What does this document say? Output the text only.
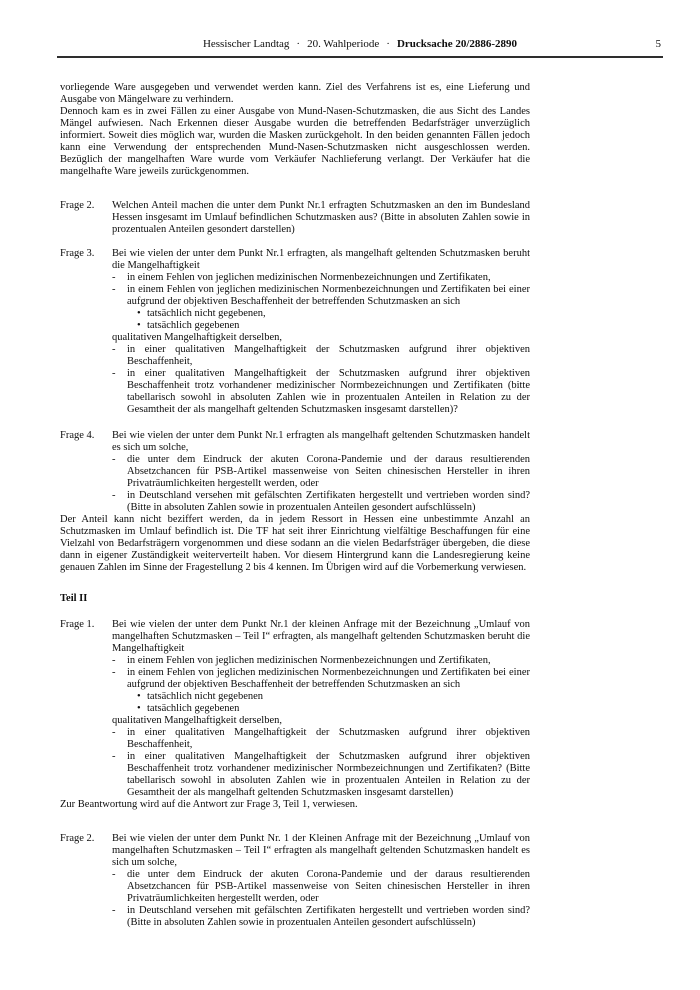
Hessischer Landtag · 20. Wahlperiode · Drucksache 20/2886-2890	5

vorliegende Ware ausgegeben und verwendet werden kann. Ziel des Verfahrens ist es, eine Lieferung und Ausgabe von Mängelware zu verhindern.

Dennoch kam es in zwei Fällen zu einer Ausgabe von Mund-Nasen-Schutzmasken, die aus Sicht des Landes Mängel aufwiesen. Nach Erkennen dieser Ausgabe wurden die betreffenden Bedarfsträger unverzüglich informiert. Soweit dies möglich war, wurden die Masken zurückgeholt. In den beiden genannten Fällen jedoch kann eine Verwendung der entsprechenden Mund-Nasen-Schutzmasken nicht ausgeschlossen werden. Bezüglich der mangelhaften Ware wurde vom Verkäufer Nachlieferung verlangt. Der Verkäufer hat die mangelhafte Ware jeweils zurückgenommen.

Frage 2.	Welchen Anteil machen die unter dem Punkt Nr.1 erfragten Schutzmasken an den im Bundesland Hessen insgesamt im Umlauf befindlichen Schutzmasken aus? (Bitte in absoluten Zahlen sowie in prozentualen Anteilen gesondert darstellen)
Frage 3.	Bei wie vielen der unter dem Punkt Nr.1 erfragten, als mangelhaft geltenden Schutzmasken beruht die Mangelhaftigkeit

-	in einem Fehlen von jeglichen medizinischen Normenbezeichnungen und Zertifikaten,
-	in einem Fehlen von jeglichen medizinischen Normenbezeichnungen und Zertifikaten bei einer aufgrund der objektiven Beschaffenheit der betreffenden Schutzmasken an sich
• tatsächlich nicht gegebenen,
• tatsächlich gegebenen

qualitativen Mangelhaftigkeit derselben,

-	in einer qualitativen Mangelhaftigkeit der Schutzmasken aufgrund ihrer objektiven Beschaffenheit,
-	in einer qualitativen Mangelhaftigkeit der Schutzmasken aufgrund ihrer objektiven Beschaffenheit trotz vorhandener medizinischer Normbezeichnungen und Zertifikaten (bitte tabellarisch sowohl in absoluten Zahlen wie in prozentualen Anteilen in Relation zu der Gesamtheit der als mangelhaft geltenden Schutzmasken insgesamt darstellen)?
Frage 4.	Bei wie vielen der unter dem Punkt Nr.1 erfragten als mangelhaft geltenden Schutzmasken handelt es sich um solche,

-	die unter dem Eindruck der akuten Corona-Pandemie und der daraus resultierenden Absetzchancen für PSB-Artikel massenweise von Seiten chinesischen Hersteller in ihren Privaträumlichkeiten hergestellt werden, oder
-	in Deutschland versehen mit gefälschten Zertifikaten hergestellt und vertrieben worden sind? (Bitte in absoluten Zahlen sowie in prozentualen Anteilen gesondert aufschlüsseln)

Der Anteil kann nicht beziffert werden, da in jedem Ressort in Hessen eine unbestimmte Anzahl an Schutzmasken im Umlauf befindlich ist. Die TF hat seit ihrer Einrichtung vielfältige Beschaffungen für eine Vielzahl von Bedarfsträgern vorgenommen und diese sodann an die vielen Bedarfsträger übergeben, die diese dann in eigener Zuständigkeit weiterverteilt haben. Vor diesem Hintergrund kann die Landesregierung keine genauen Zahlen im Sinne der Fragestellung 2 bis 4 kennen. Im Übrigen wird auf die Vorbemerkung verwiesen.

Teil II
Frage 1.	Bei wie vielen der unter dem Punkt Nr.1 der kleinen Anfrage mit der Bezeichnung „Umlauf von mangelhaften Schutzmasken – Teil I“ erfragten, als mangelhaft geltenden Schutzmasken beruht die Mangelhaftigkeit

-	in einem Fehlen von jeglichen medizinischen Normenbezeichnungen und Zertifikaten,
-	in einem Fehlen von jeglichen medizinischen Normenbezeichnungen und Zertifikaten bei einer aufgrund der objektiven Beschaffenheit der betreffenden Schutzmasken an sich
• tatsächlich nicht gegebenen
• tatsächlich gegebenen

qualitativen Mangelhaftigkeit derselben,

-	in einer qualitativen Mangelhaftigkeit der Schutzmasken aufgrund ihrer objektiven Beschaffenheit,
-	in einer qualitativen Mangelhaftigkeit der Schutzmasken aufgrund ihrer objektiven Beschaffenheit trotz vorhandener medizinischer Normbezeichnungen und Zertifikaten? (Bitte tabellarisch sowohl in absoluten Zahlen wie in prozentualen Anteilen in Relation zu der Gesamtheit der als mangelhaft geltenden Schutzmasken insgesamt darstellen)

Zur Beantwortung wird auf die Antwort zur Frage 3, Teil 1, verwiesen.

Frage 2.	Bei wie vielen der unter dem Punkt Nr. 1 der Kleinen Anfrage mit der Bezeichnung „Umlauf von mangelhaften Schutzmasken – Teil I“ erfragten als mangelhaft geltenden Schutzmasken handelt es sich um solche,

-	die unter dem Eindruck der akuten Corona-Pandemie und der daraus resultierenden Absetzchancen für PSB-Artikel massenweise von Seiten chinesischen Hersteller in ihren Privaträumlichkeiten hergestellt werden, oder
-	in Deutschland versehen mit gefälschten Zertifikaten hergestellt und vertrieben worden sind? (Bitte in absoluten Zahlen sowie in prozentualen Anteilen gesondert aufschlüsseln)
